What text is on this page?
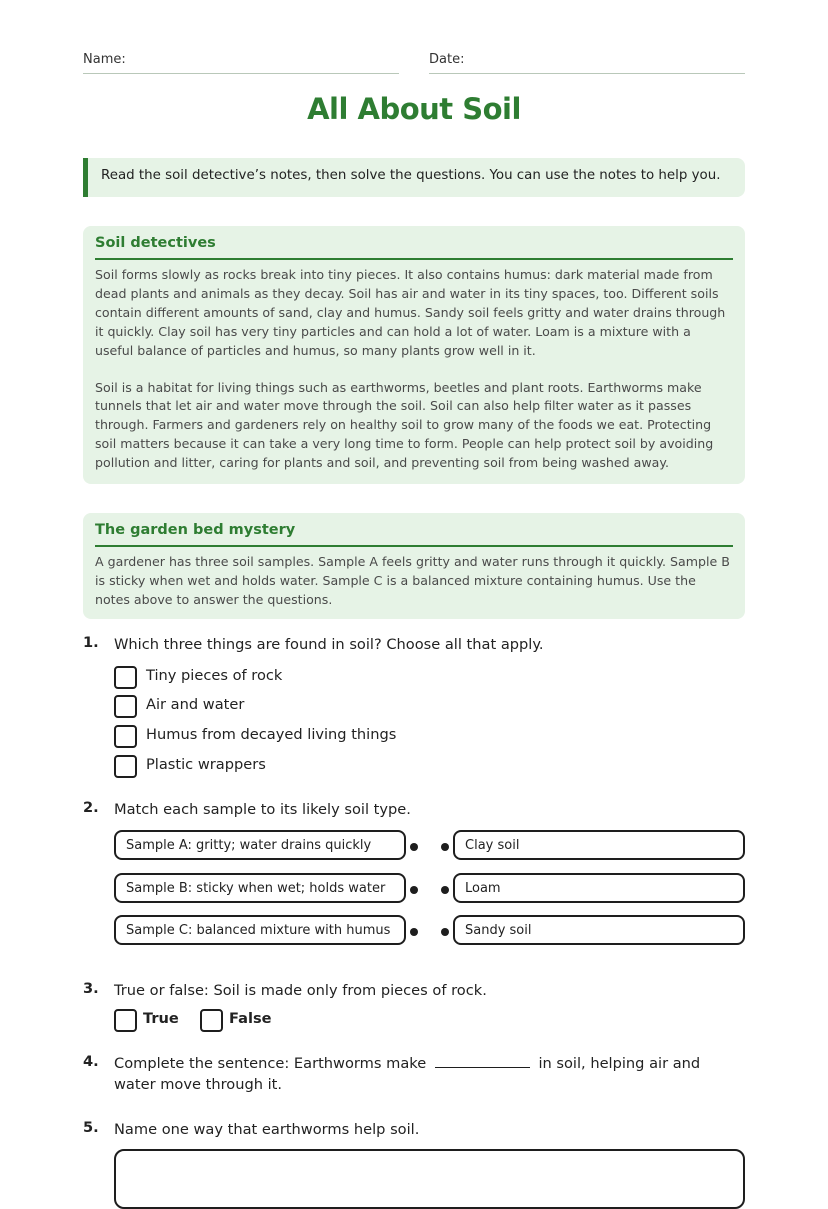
Name:	Date:
All About Soil
Read the soil detective’s notes, then solve the questions. You can use the notes to help you.
Soil detectives

Soil forms slowly as rocks break into tiny pieces. It also contains humus: dark material made from dead plants and animals as they decay. Soil has air and water in its tiny spaces, too. Different soils contain different amounts of sand, clay and humus. Sandy soil feels gritty and water drains through it quickly. Clay soil has very tiny particles and can hold a lot of water. Loam is a mixture with a useful balance of particles and humus, so many plants grow well in it.

Soil is a habitat for living things such as earthworms, beetles and plant roots. Earthworms make tunnels that let air and water move through the soil. Soil can also help filter water as it passes through. Farmers and gardeners rely on healthy soil to grow many of the foods we eat. Protecting soil matters because it can take a very long time to form. People can help protect soil by avoiding pollution and litter, caring for plants and soil, and preventing soil from being washed away.

The garden bed mystery

A gardener has three soil samples. Sample A feels gritty and water runs through it quickly. Sample B is sticky when wet and holds water. Sample C is a balanced mixture containing humus. Use the notes above to answer the questions.

1. Which three things are found in soil? Choose all that apply.
Tiny pieces of rock
Air and water
Humus from decayed living things
Plastic wrappers
2. Match each sample to its likely soil type.
Sample A: gritty; water drains quickly	Clay soil
Sample B: sticky when wet; holds water	Loam
Sample C: balanced mixture with humus	Sandy soil
3. True or false: Soil is made only from pieces of rock.
True	False
4. Complete the sentence: Earthworms make	in soil, helping air and water move through it.
5. Name one way that earthworms help soil.
